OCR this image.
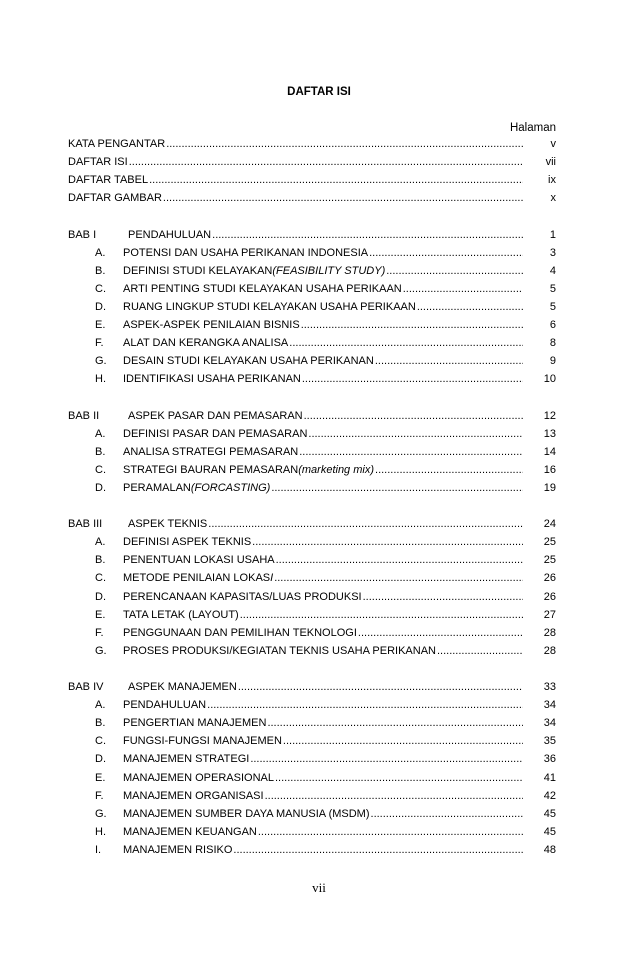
DAFTAR ISI
Halaman
KATA PENGANTAR .....	v
DAFTAR ISI .....	vii
DAFTAR TABEL .....	ix
DAFTAR GAMBAR .....	x
BAB I	PENDAHULUAN .....	1
A.	POTENSI DAN USAHA PERIKANAN INDONESIA .....	3
B.	DEFINISI STUDI KELAYAKAN (FEASIBILITY STUDY) .....	4
C.	ARTI PENTING STUDI KELAYAKAN USAHA PERIKAAN .....	5
D.	RUANG LINGKUP STUDI KELAYAKAN USAHA PERIKAAN .....	5
E.	ASPEK-ASPEK PENILAIAN BISNIS .....	6
F.	ALAT DAN KERANGKA ANALISA .....	8
G.	DESAIN STUDI KELAYAKAN USAHA PERIKANAN .....	9
H.	IDENTIFIKASI USAHA PERIKANAN .....	10
BAB II	ASPEK PASAR DAN PEMASARAN .....	12
A.	DEFINISI PASAR DAN PEMASARAN .....	13
B.	ANALISA STRATEGI PEMASARAN .....	14
C.	STRATEGI BAURAN PEMASARAN (marketing mix) .....	16
D.	PERAMALAN (FORCASTING) .....	19
BAB III	ASPEK TEKNIS .....	24
A.	DEFINISI ASPEK TEKNIS .....	25
B.	PENENTUAN LOKASI USAHA .....	25
C.	METODE PENILAIAN LOKAS I .....	26
D.	PERENCANAAN KAPASITAS/LUAS PRODUKSI .....	26
E.	TATA LETAK (LAYOUT) .....	27
F.	PENGGUNAAN DAN PEMILIHAN TEKNOLOGI .....	28
G.	PROSES PRODUKSI/KEGIATAN TEKNIS USAHA PERIKANAN .....	28
BAB IV	ASPEK MANAJEMEN .....	33
A.	PENDAHULUAN .....	34
B.	PENGERTIAN MANAJEMEN .....	34
C.	FUNGSI-FUNGSI MANAJEMEN .....	35
D.	MANAJEMEN STRATEGI .....	36
E.	MANAJEMEN OPERASIONAL .....	41
F.	MANAJEMEN ORGANISASI .....	42
G.	MANAJEMEN SUMBER DAYA MANUSIA (MSDM) .....	45
H.	MANAJEMEN KEUANGAN .....	45
I.	MANAJEMEN RISIKO .....	48
vii
